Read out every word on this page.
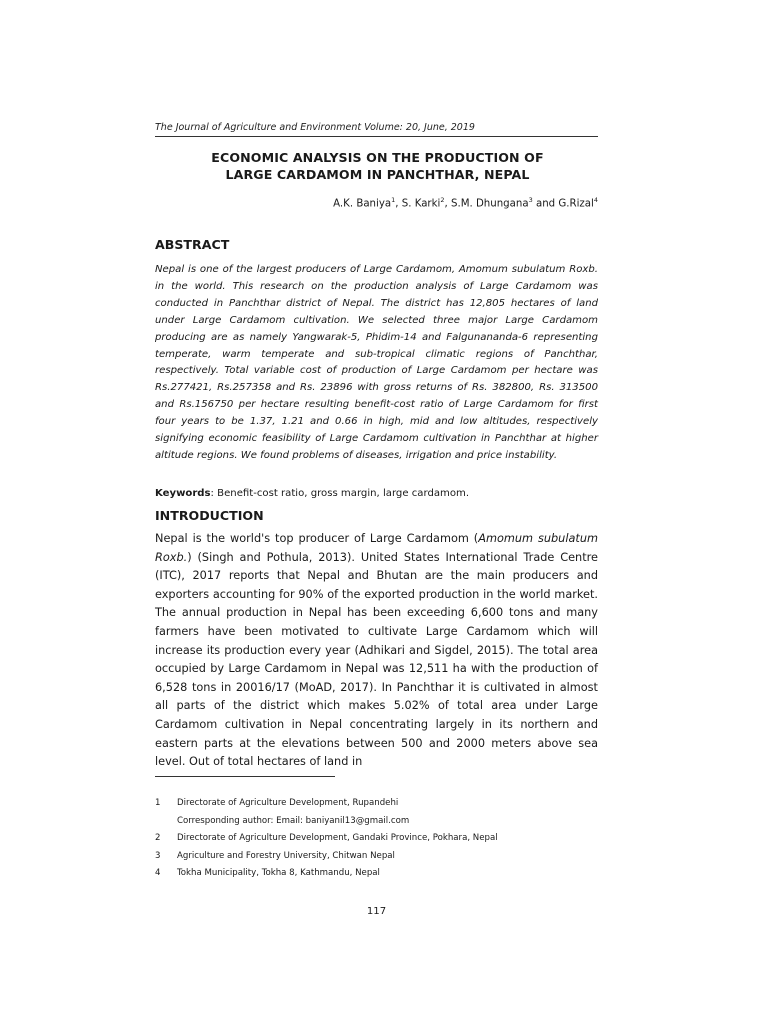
The Journal of Agriculture and Environment Volume: 20, June, 2019
ECONOMIC ANALYSIS ON THE PRODUCTION OF
LARGE CARDAMOM IN PANCHTHAR, NEPAL
A.K. Baniya$^1$, S. Karki$^2$, S.M. Dhungana$^3$ and G.Rizal$^4$
ABSTRACT
Nepal is one of the largest producers of Large Cardamom, Amomum subulatum Roxb. in the world. This research on the production analysis of Large Cardamom was conducted in Panchthar district of Nepal. The district has 12,805 hectares of land under Large Cardamom cultivation. We selected three major Large Cardamom producing are as namely Yangwarak-5, Phidim-14 and Falgunananda-6 representing temperate, warm temperate and sub-tropical climatic regions of Panchthar, respectively. Total variable cost of production of Large Cardamom per hectare was Rs.277421, Rs.257358 and Rs. 23896 with gross returns of Rs. 382800, Rs. 313500 and Rs.156750 per hectare resulting benefit-cost ratio of Large Cardamom for first four years to be 1.37, 1.21 and 0.66 in high, mid and low altitudes, respectively signifying economic feasibility of Large Cardamom cultivation in Panchthar at higher altitude regions. We found problems of diseases, irrigation and price instability.
Keywords: Benefit-cost ratio, gross margin, large cardamom.
INTRODUCTION
Nepal is the world's top producer of Large Cardamom (Amomum subulatum Roxb.) (Singh and Pothula, 2013). United States International Trade Centre (ITC), 2017 reports that Nepal and Bhutan are the main producers and exporters accounting for 90% of the exported production in the world market. The annual production in Nepal has been exceeding 6,600 tons and many farmers have been motivated to cultivate Large Cardamom which will increase its production every year (Adhikari and Sigdel, 2015). The total area occupied by Large Cardamom in Nepal was 12,511 ha with the production of 6,528 tons in 20016/17 (MoAD, 2017). In Panchthar it is cultivated in almost all parts of the district which makes 5.02% of total area under Large Cardamom cultivation in Nepal concentrating largely in its northern and eastern parts at the elevations between 500 and 2000 meters above sea level. Out of total hectares of land in
1	Directorate of Agriculture Development, Rupandehi
Corresponding author: Email: baniyanil13@gmail.com
2	Directorate of Agriculture Development, Gandaki Province, Pokhara, Nepal
3	Agriculture and Forestry University, Chitwan Nepal
4	Tokha Municipality, Tokha 8, Kathmandu, Nepal
117
